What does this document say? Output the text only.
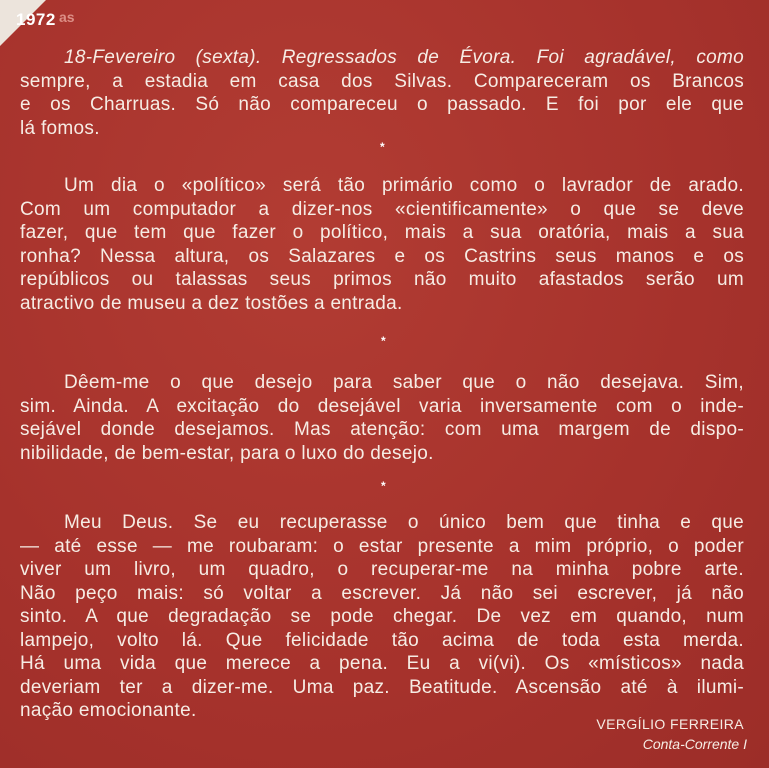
1972 as
18-Fevereiro (sexta). Regressados de Évora. Foi agradável, como
sempre, a estadia em casa dos Silvas. Compareceram os Brancos
e os Charruas. Só não compareceu o passado. E foi por ele que
lá fomos.
*
Um dia o «político» será tão primário como o lavrador de arado.
Com um computador a dizer-nos «cientificamente» o que se deve
fazer, que tem que fazer o político, mais a sua oratória, mais a sua
ronha? Nessa altura, os Salazares e os Castrins seus manos e os
repúblicos ou talassas seus primos não muito afastados serão um
atractivo de museu a dez tostões a entrada.
*
Dêem-me o que desejo para saber que o não desejava. Sim,
sim. Ainda. A excitação do desejável varia inversamente com o inde-
sejável donde desejamos. Mas atenção: com uma margem de dispo-
nibilidade, de bem-estar, para o luxo do desejo.
*
Meu Deus. Se eu recuperasse o único bem que tinha e que
— até esse — me roubaram: o estar presente a mim próprio, o poder
viver um livro, um quadro, o recuperar-me na minha pobre arte.
Não peço mais: só voltar a escrever. Já não sei escrever, já não
sinto. A que degradação se pode chegar. De vez em quando, num
lampejo, volto lá. Que felicidade tão acima de toda esta merda.
Há uma vida que merece a pena. Eu a vi(vi). Os «místicos» nada
deveriam ter a dizer-me. Uma paz. Beatitude. Ascensão até à ilumi-
nação emocionante.
VERGÍLIO FERREIRA
Conta-Corrente I
